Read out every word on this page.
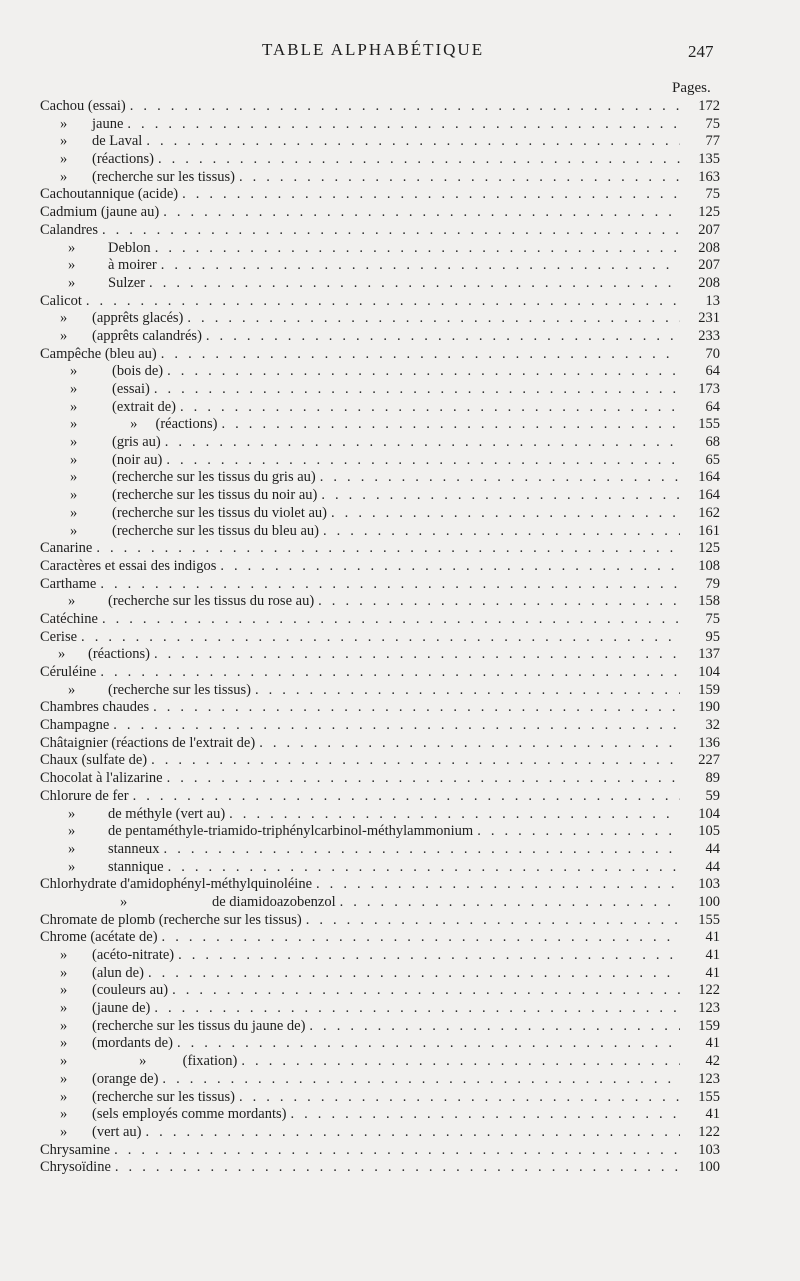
TABLE ALPHABÉTIQUE	247
Pages.
Cachou (essai) . . .	172
» jaune . . .	75
» de Laval . . .	77
» (réactions) . . .	135
» (recherche sur les tissus) . . .	163
Cachoutannique (acide) . . .	75
Cadmium (jaune au) . . .	125
Calandres . . .	207
» Deblon . . .	208
» à moirer . . .	207
» Sulzer . . .	208
Calicot . . .	13
» (apprêts glacés) . . .	231
» (apprêts calandrés) . . .	233
Campêche (bleu au) . . .	70
» (bois de) . . .	64
» (essai) . . .	173
» (extrait de) . . .	64
»     »     (réactions) . . .	155
» (gris au) . . .	68
» (noir au) . . .	65
» (recherche sur les tissus du gris au) . . .	164
» (recherche sur les tissus du noir au) . . .	164
» (recherche sur les tissus du violet au) . . .	162
» (recherche sur les tissus du bleu au) . . .	161
Canarine . . .	125
Caractères et essai des indigos . . .	108
Carthame . . .	79
» (recherche sur les tissus du rose au) . . .	158
Catéchine . . .	75
Cerise . . .	95
» (réactions) . . .	137
Céruléine . . .	104
» (recherche sur les tissus) . . .	159
Chambres chaudes . . .	190
Champagne . . .	32
Châtaignier (réactions de l'extrait de) . . .	136
Chaux (sulfate de) . . .	227
Chocolat à l'alizarine . . .	89
Chlorure de fer . . .	59
» de méthyle (vert au) . . .	104
» de pentaméthyle-triamido-triphénylcarbinol-méthylammonium . . .	105
» stanneux . . .	44
» stannique . . .	44
Chlorhydrate d'amidophényl-méthylquinoléine . . .	103
»	de diamidoazobenzol . . .	100
Chromate de plomb (recherche sur les tissus) . . .	155
Chrome (acétate de) . . .	41
» (acéto-nitrate) . . .	41
» (alun de) . . .	41
» (couleurs au) . . .	122
» (jaune de) . . .	123
» (recherche sur les tissus du jaune de) . . .	159
» (mordants de) . . .	41
»             »          (fixation) . . .	42
» (orange de) . . .	123
» (recherche sur les tissus) . . .	155
» (sels employés comme mordants) . . .	41
» (vert au) . . .	122
Chrysamine . . .	103
Chrysoïdine . . .	100
